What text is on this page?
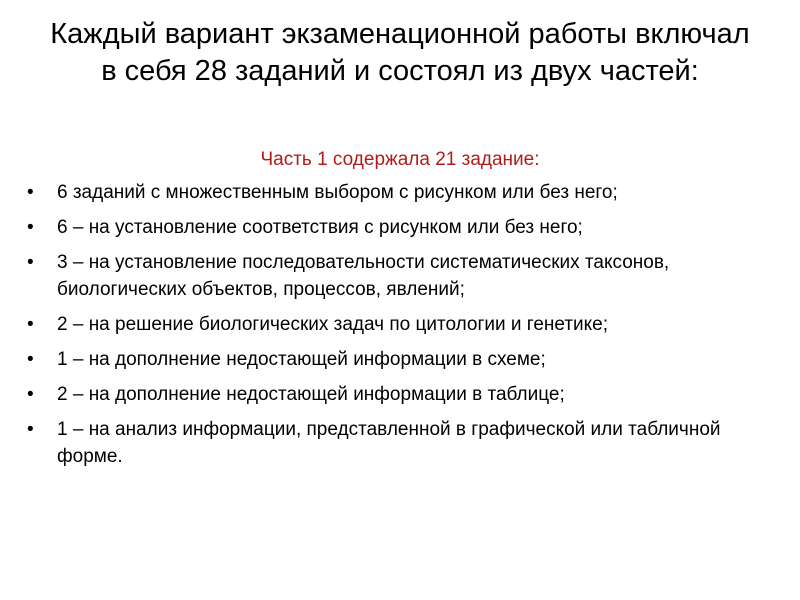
Каждый вариант экзаменационной работы включал в себя 28 заданий и состоял из двух частей:

Часть 1 содержала 21 задание:

•	6 заданий с множественным выбором с рисунком или без него;
•	6 – на установление соответствия с рисунком или без него;
•	3 – на установление последовательности систематических таксонов, биологических объектов, процессов, явлений;
•	2 – на решение биологических задач по цитологии и генетике;
•	1 – на дополнение недостающей информации в схеме;
•	2 – на дополнение недостающей информации в таблице;
•	1 – на анализ информации, представленной в графической или табличной форме.
